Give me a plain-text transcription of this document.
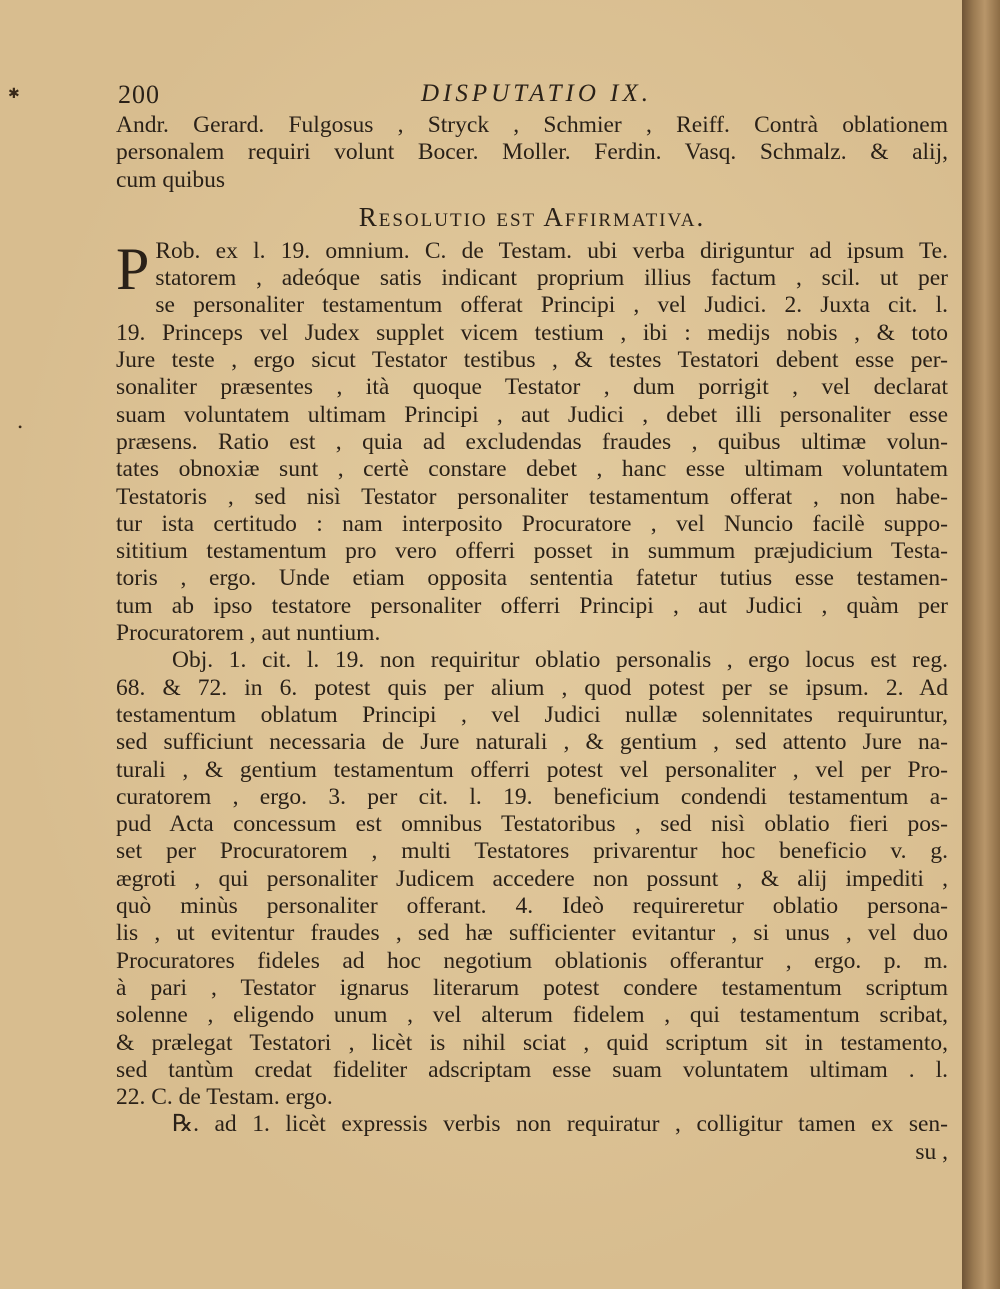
✱
•
200	DISPUTATIO IX.
Andr. Gerard. Fulgosus , Stryck , Schmier , Reiff. Contrà oblationem
personalem requiri volunt Bocer. Moller. Ferdin. Vasq. Schmalz. & alij,
cum quibus
Resolutio est Affirmativa.
P Rob. ex l. 19. omnium. C. de Testam. ubi verba diriguntur ad ipsum Te.
statorem , adeóque satis indicant proprium illius factum , scil. ut per
se personaliter testamentum offerat Principi , vel Judici. 2. Juxta cit. l.
19. Princeps vel Judex supplet vicem testium , ibi : medijs nobis , & toto
Jure teste , ergo sicut Testator testibus , & testes Testatori debent esse per-
sonaliter præsentes , ità quoque Testator , dum porrigit , vel declarat
suam voluntatem ultimam Principi , aut Judici , debet illi personaliter esse
præsens. Ratio est , quia ad excludendas fraudes , quibus ultimæ volun-
tates obnoxiæ sunt , certè constare debet , hanc esse ultimam voluntatem
Testatoris , sed nisì Testator personaliter testamentum offerat , non habe-
tur ista certitudo : nam interposito Procuratore , vel Nuncio facilè suppo-
sititium testamentum pro vero offerri posset in summum præjudicium Testa-
toris , ergo. Unde etiam opposita sententia fatetur tutius esse testamen-
tum ab ipso testatore personaliter offerri Principi , aut Judici , quàm per
Procuratorem , aut nuntium.
Obj. 1. cit. l. 19. non requiritur oblatio personalis , ergo locus est reg.
68. & 72. in 6. potest quis per alium , quod potest per se ipsum. 2. Ad
testamentum oblatum Principi , vel Judici nullæ solennitates requiruntur,
sed sufficiunt necessaria de Jure naturali , & gentium , sed attento Jure na-
turali , & gentium testamentum offerri potest vel personaliter , vel per Pro-
curatorem , ergo. 3. per cit. l. 19. beneficium condendi testamentum a-
pud Acta concessum est omnibus Testatoribus , sed nisì oblatio fieri pos-
set per Procuratorem , multi Testatores privarentur hoc beneficio v. g.
ægroti , qui personaliter Judicem accedere non possunt , & alij impediti ,
quò minùs personaliter offerant. 4. Ideò requireretur oblatio persona-
lis , ut evitentur fraudes , sed hæ sufficienter evitantur , si unus , vel duo
Procuratores fideles ad hoc negotium oblationis offerantur , ergo. p. m.
à pari , Testator ignarus literarum potest condere testamentum scriptum
solenne , eligendo unum , vel alterum fidelem , qui testamentum scribat,
& prælegat Testatori , licèt is nihil sciat , quid scriptum sit in testamento,
sed tantùm credat fideliter adscriptam esse suam voluntatem ultimam . l.
22. C. de Testam. ergo.
℞. ad 1. licèt expressis verbis non requiratur , colligitur tamen ex sen-
su ,
